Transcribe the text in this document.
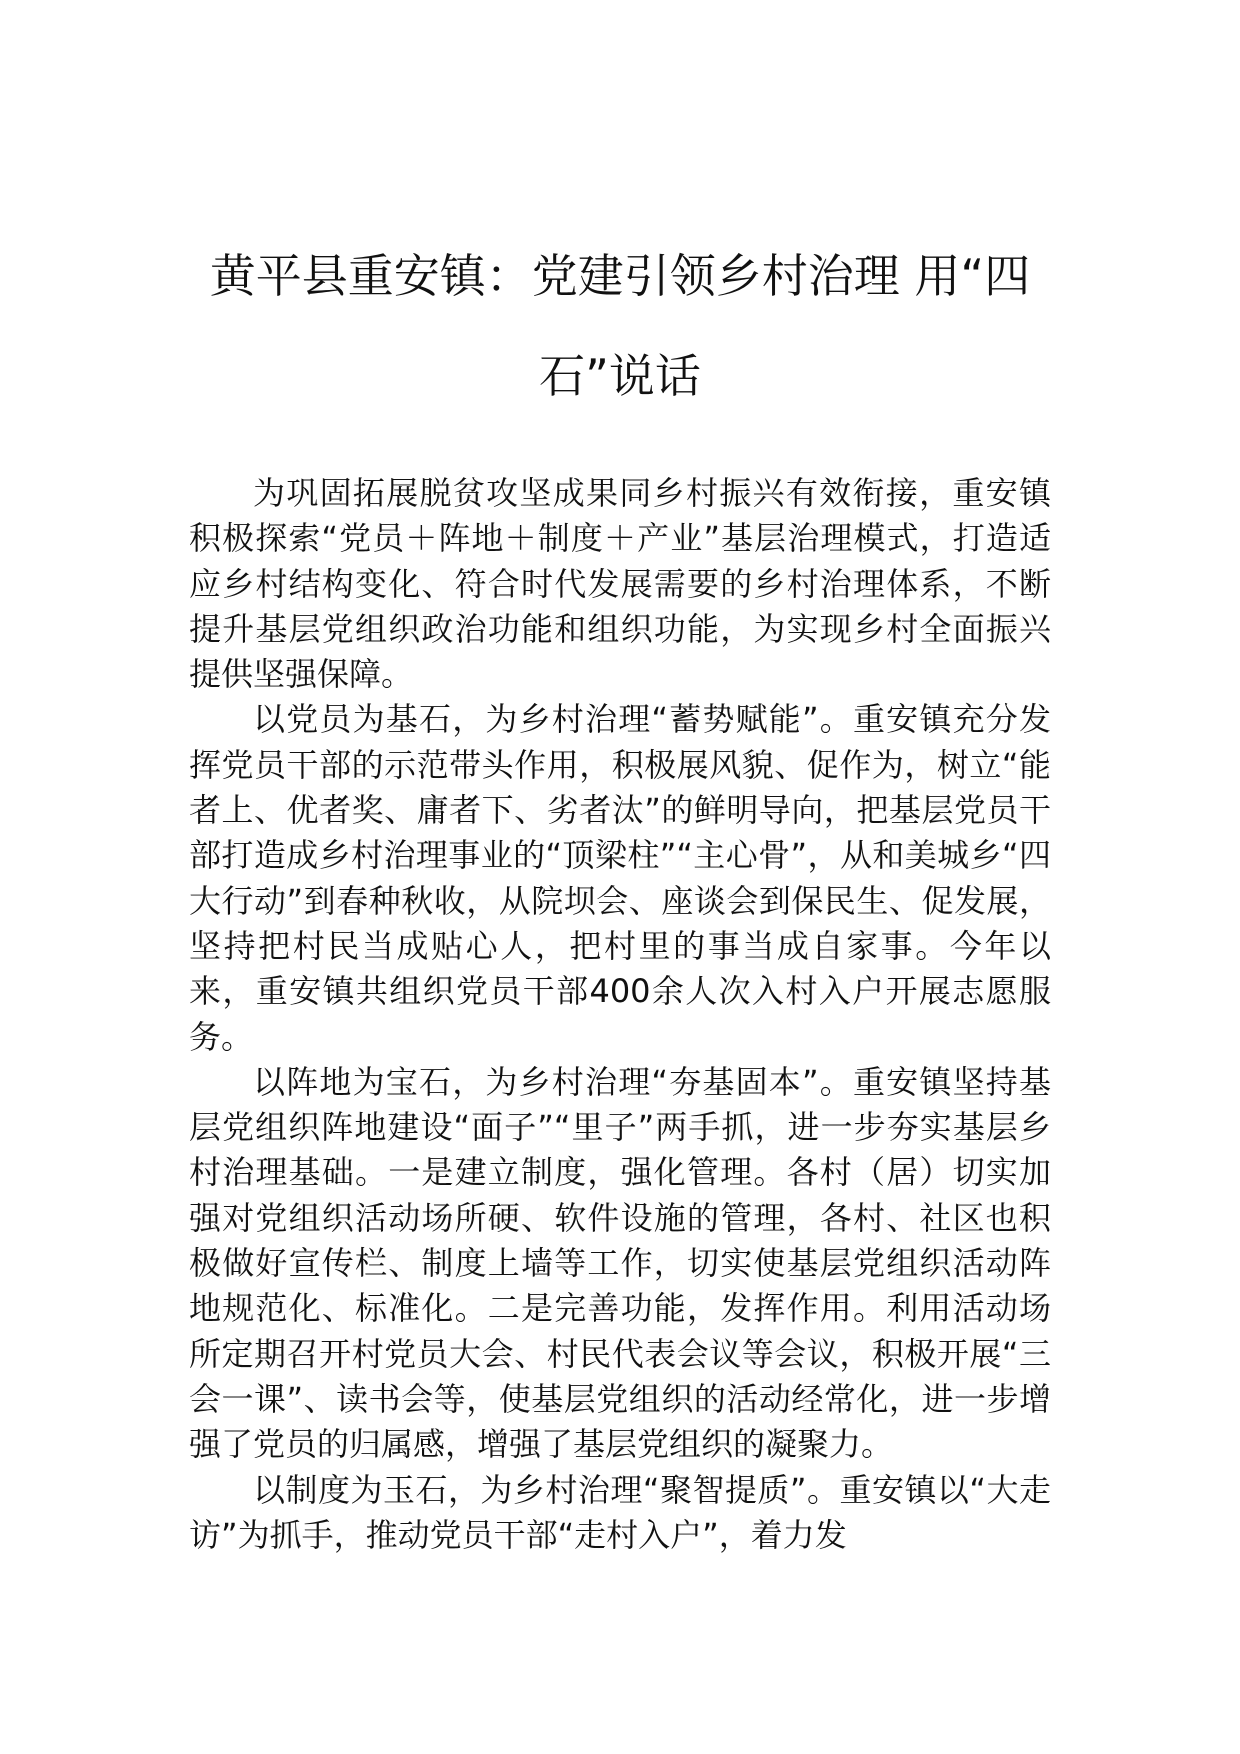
黄平县重安镇：党建引领乡村治理 用“四石”说话

为巩固拓展脱贫攻坚成果同乡村振兴有效衔接，重安镇积极探索“党员＋阵地＋制度＋产业”基层治理模式，打造适应乡村结构变化、符合时代发展需要的乡村治理体系，不断提升基层党组织政治功能和组织功能，为实现乡村全面振兴提供坚强保障。

以党员为基石，为乡村治理“蓄势赋能”。重安镇充分发挥党员干部的示范带头作用，积极展风貌、促作为，树立“能者上、优者奖、庸者下、劣者汰”的鲜明导向，把基层党员干部打造成乡村治理事业的“顶梁柱”“主心骨”，从和美城乡“四大行动”到春种秋收，从院坝会、座谈会到保民生、促发展，坚持把村民当成贴心人，把村里的事当成自家事。今年以来，重安镇共组织党员干部400余人次入村入户开展志愿服务。

以阵地为宝石，为乡村治理“夯基固本”。重安镇坚持基层党组织阵地建设“面子”“里子”两手抓，进一步夯实基层乡村治理基础。一是建立制度，强化管理。各村（居）切实加强对党组织活动场所硬、软件设施的管理，各村、社区也积极做好宣传栏、制度上墙等工作，切实使基层党组织活动阵地规范化、标准化。二是完善功能，发挥作用。利用活动场所定期召开村党员大会、村民代表会议等会议，积极开展“三会一课”、读书会等，使基层党组织的活动经常化，进一步增强了党员的归属感，增强了基层党组织的凝聚力。

以制度为玉石，为乡村治理“聚智提质”。重安镇以“大走访”为抓手，推动党员干部“走村入户”，着力发
